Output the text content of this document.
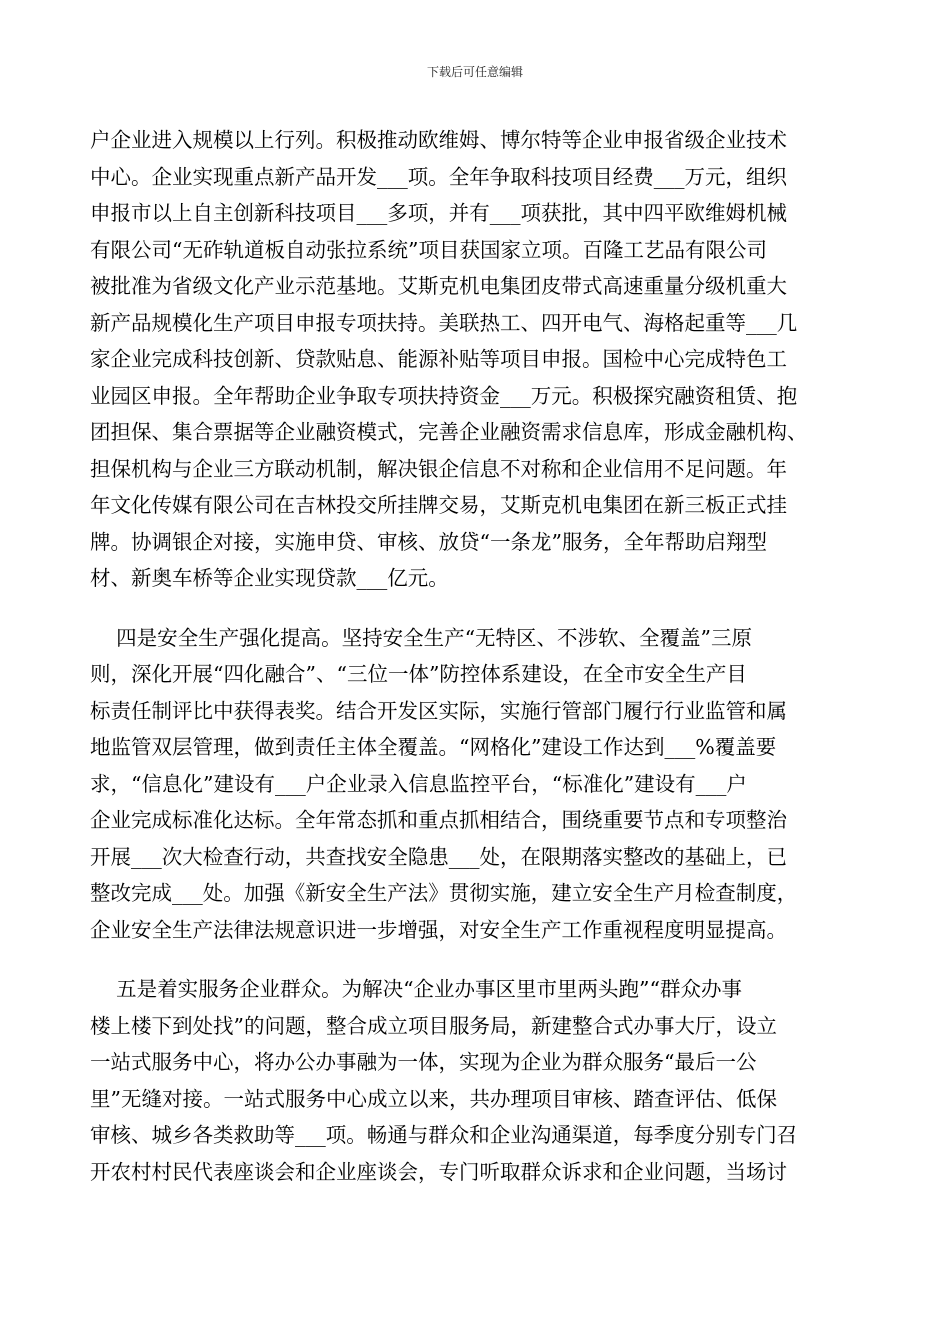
下载后可任意编辑
户企业进入规模以上行列。积极推动欧维姆、博尔特等企业申报省级企业技术
中心。企业实现重点新产品开发___项。全年争取科技项目经费___万元，组织
申报市以上自主创新科技项目___多项，并有___项获批，其中四平欧维姆机械
有限公司“无砟轨道板自动张拉系统”项目获国家立项。百隆工艺品有限公司
被批准为省级文化产业示范基地。艾斯克机电集团皮带式高速重量分级机重大
新产品规模化生产项目申报专项扶持。美联热工、四开电气、海格起重等___几
家企业完成科技创新、贷款贴息、能源补贴等项目申报。国检中心完成特色工
业园区申报。全年帮助企业争取专项扶持资金___万元。积极探究融资租赁、抱
团担保、集合票据等企业融资模式，完善企业融资需求信息库，形成金融机构、
担保机构与企业三方联动机制，解决银企信息不对称和企业信用不足问题。年
年文化传媒有限公司在吉林投交所挂牌交易，艾斯克机电集团在新三板正式挂
牌。协调银企对接，实施申贷、审核、放贷“一条龙”服务，全年帮助启翔型
材、新奥车桥等企业实现贷款___亿元。
四是安全生产强化提高。坚持安全生产“无特区、不涉软、全覆盖”三原
则，深化开展“四化融合”、“三位一体”防控体系建设，在全市安全生产目
标责任制评比中获得表奖。结合开发区实际，实施行管部门履行行业监管和属
地监管双层管理，做到责任主体全覆盖。“网格化”建设工作达到___%覆盖要
求，“信息化”建设有___户企业录入信息监控平台，“标准化”建设有___户
企业完成标准化达标。全年常态抓和重点抓相结合，围绕重要节点和专项整治
开展___次大检查行动，共查找安全隐患___处，在限期落实整改的基础上，已
整改完成___处。加强《新安全生产法》贯彻实施，建立安全生产月检查制度，
企业安全生产法律法规意识进一步增强，对安全生产工作重视程度明显提高。
五是着实服务企业群众。为解决“企业办事区里市里两头跑”“群众办事
楼上楼下到处找”的问题，整合成立项目服务局，新建整合式办事大厅，设立
一站式服务中心，将办公办事融为一体，实现为企业为群众服务“最后一公
里”无缝对接。一站式服务中心成立以来，共办理项目审核、踏查评估、低保
审核、城乡各类救助等___项。畅通与群众和企业沟通渠道，每季度分别专门召
开农村村民代表座谈会和企业座谈会，专门听取群众诉求和企业问题，当场讨
